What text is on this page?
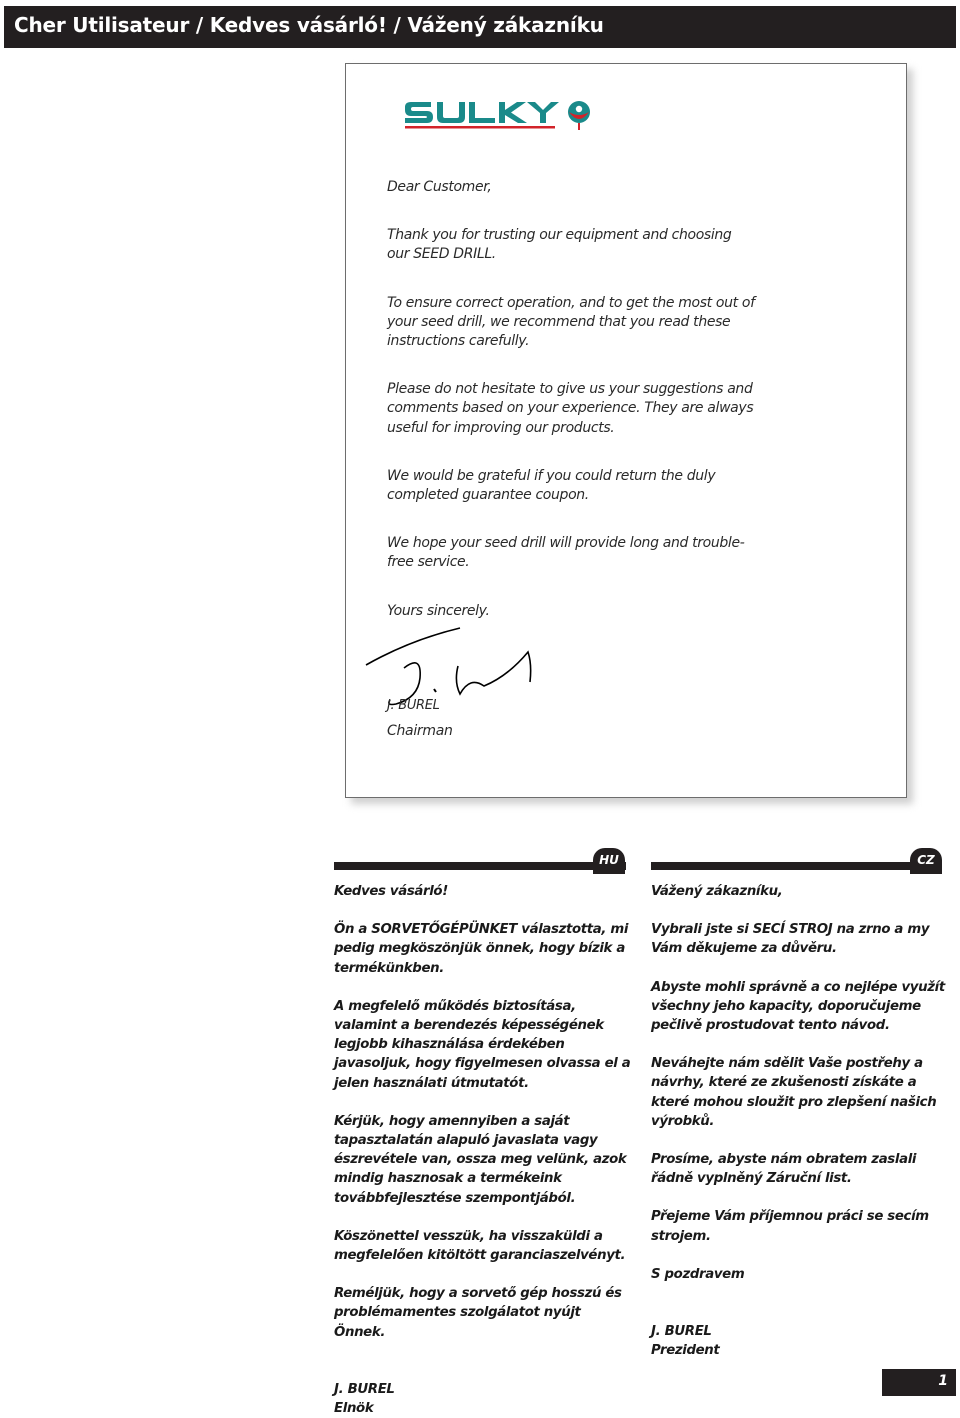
Cher Utilisateur / Kedves vásárló! / Vážený zákazníku

Dear Customer,

Thank you for trusting our equipment and choosing our SEED DRILL.

To ensure correct operation, and to get the most out of your seed drill, we recommend that you read these instructions carefully.

Please do not hesitate to give us your suggestions and comments based on your experience. They are always useful for improving our products.

We would be grateful if you could return the duly completed guarantee coupon.

We hope your seed drill will provide long and trouble-free service.

Yours sincerely.

J. BUREL
Chairman
HU

Kedves vásárló!

Ön a SORVETŐGÉPÜNKET választotta, mi pedig megköszönjük önnek, hogy bízik a termékünkben.

A megfelelő működés biztosítása, valamint a berendezés képességének legjobb kihasználása érdekében javasoljuk, hogy figyelmesen olvassa el a jelen használati útmutatót.

Kérjük, hogy amennyiben a saját tapasztalatán alapuló javaslata vagy észrevétele van, ossza meg velünk, azok mindig hasznosak a termékeink továbbfejlesztése szempontjából.

Köszönettel vesszük, ha visszaküldi a megfelelően kitöltött garanciaszelvényt.

Reméljük, hogy a sorvető gép hosszú és problémamentes szolgálatot nyújt Önnek.

J. BUREL
Elnök
CZ

Vážený zákazníku,

Vybrali jste si SECÍ STROJ na zrno a my Vám děkujeme za důvěru.

Abyste mohli správně a co nejlépe využít všechny jeho kapacity, doporučujeme pečlivě prostudovat tento návod.

Neváhejte nám sdělit Vaše postřehy a návrhy, které ze zkušenosti získáte a které mohou sloužit pro zlepšení našich výrobků.

Prosíme, abyste nám obratem zaslali řádně vyplněný Záruční list.

Přejeme Vám příjemnou práci se secím strojem.

S pozdravem

J. BUREL
Prezident
1
